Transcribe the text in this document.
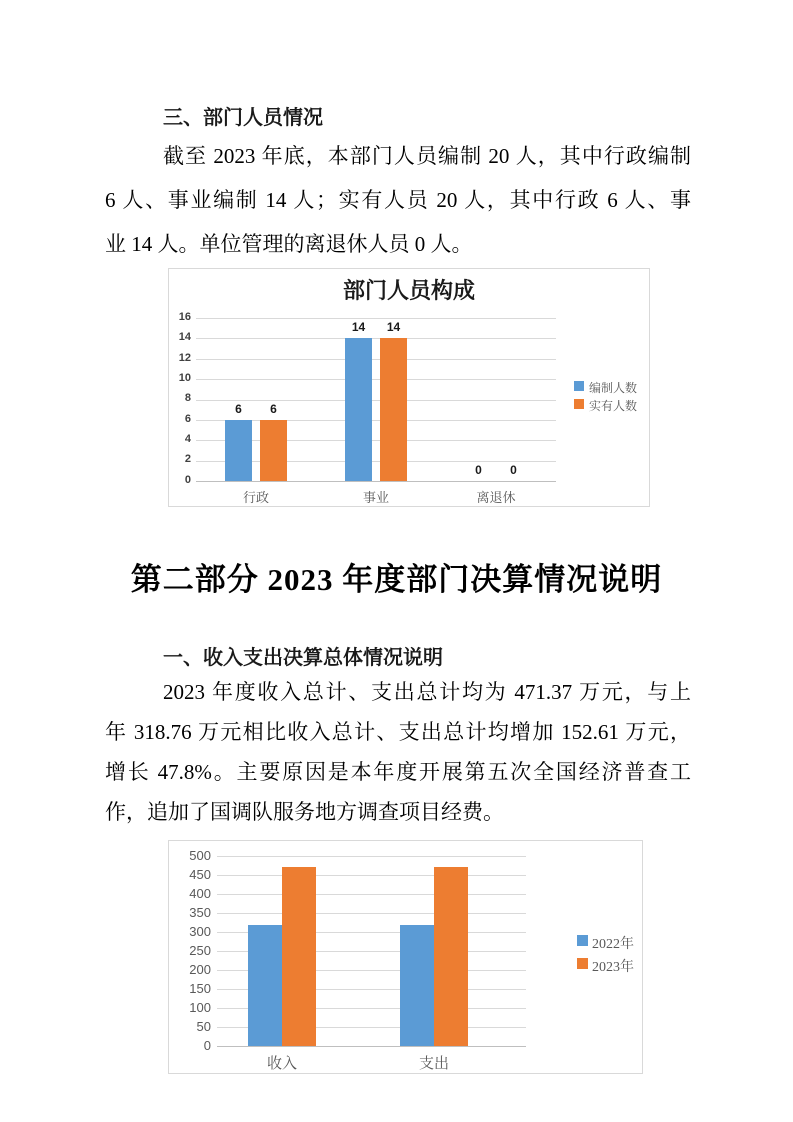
三、部门人员情况
截至 2023 年底，本部门人员编制 20 人，其中行政编制
6 人、事业编制 14 人；实有人员 20 人，其中行政 6 人、事
业 14 人。单位管理的离退休人员 0 人。
部门人员构成
0
2
4
6
8
10
12
14
16
行政
6	6
事业
14	14
离退休
0	0
编制人数
实有人数
第二部分 2023 年度部门决算情况说明
一、收入支出决算总体情况说明
2023 年度收入总计、支出总计均为 471.37 万元，与上
年 318.76 万元相比收入总计、支出总计均增加 152.61 万元，
增长 47.8%。主要原因是本年度开展第五次全国经济普查工
作，追加了国调队服务地方调查项目经费。
0
50
100
150
200
250
300
350
400
450
500
收入	支出
2022年
2023年
